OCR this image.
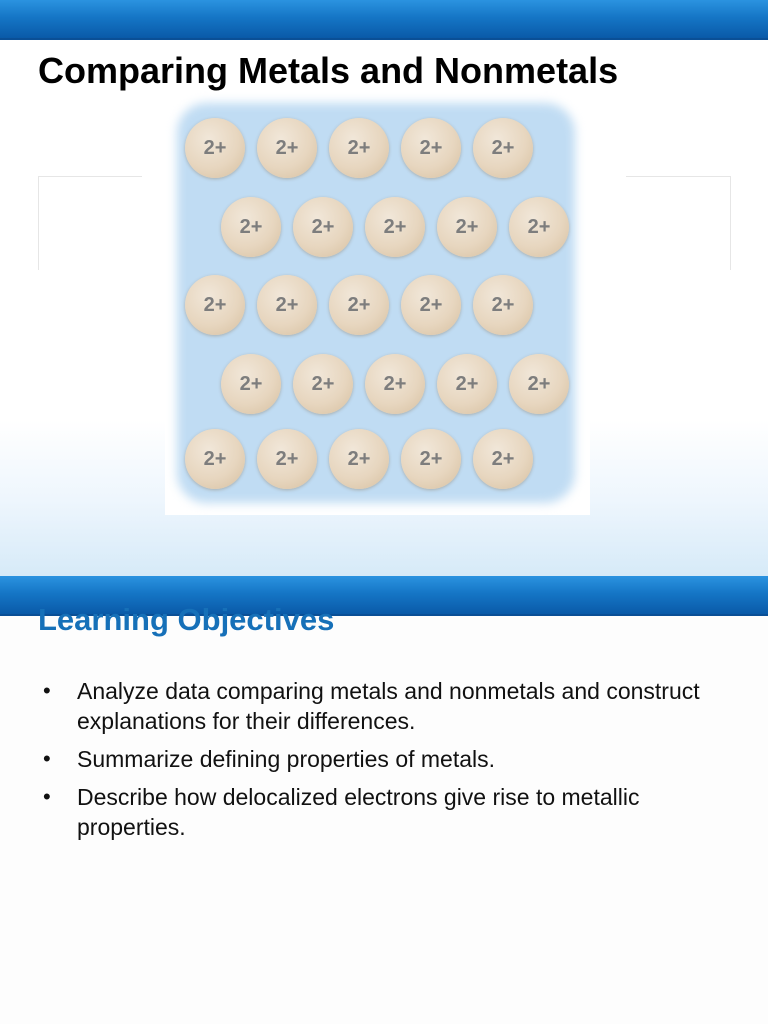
Comparing Metals and Nonmetals
2+	2+	2+	2+	2+
2+	2+	2+	2+	2+
2+	2+	2+	2+	2+
2+	2+	2+	2+	2+
2+	2+	2+	2+	2+
Learning Objectives
• Analyze data comparing metals and nonmetals and construct explanations for their differences.
• Summarize defining properties of metals.
• Describe how delocalized electrons give rise to metallic properties.
